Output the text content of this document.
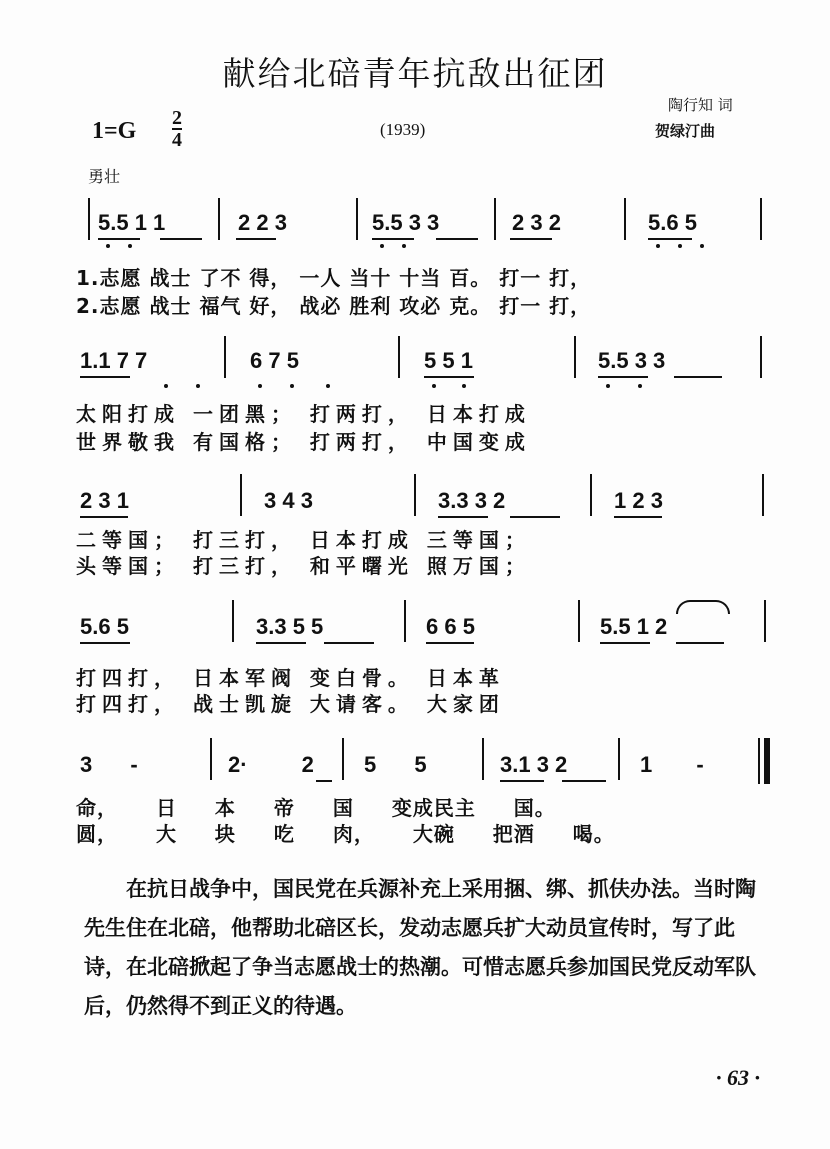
献给北碚青年抗敌出征团
陶行知 词
贺绿汀曲
$1=G \frac{2}{4}$	(1939)
勇壮
5.5 1 1	2 2 3	5.5 3 3	2 3 2	5.6 5
1.志愿 战士 了不 得， 一人 当十 十当 百。 打一 打，
2.志愿 战士 福气 好， 战必 胜利 攻必 克。 打一 打，
1.1 7 7	6 7 5	5 5 1	5.5 3 3
太阳打成 一团黑； 打两打， 日本打成
世界敬我 有国格； 打两打， 中国变成
2 3 1	3 4 3	3.3 3 2	1 2 3
二等国； 打三打， 日本打成 三等国；
头等国； 打三打， 和平曙光 照万国；
5.6 5	3.3 5 5	6 6 5	5.5 1 2
打四打， 日本军阀 变白骨。 日本革
打四打， 战士凯旋 大请客。 大家团
3 -	2· 2 5 5	3.1 3 2	1 -
命， 日 本 帝 国 变成民主 国。
圆， 大 块 吃 肉， 大碗 把酒 喝。
在抗日战争中，国民党在兵源补充上采用捆、绑、抓伕办法。当时陶先生住在北碚，他帮助北碚区长，发动志愿兵扩大动员宣传时，写了此诗，在北碚掀起了争当志愿战士的热潮。可惜志愿兵参加国民党反动军队后，仍然得不到正义的待遇。
· 63 ·
